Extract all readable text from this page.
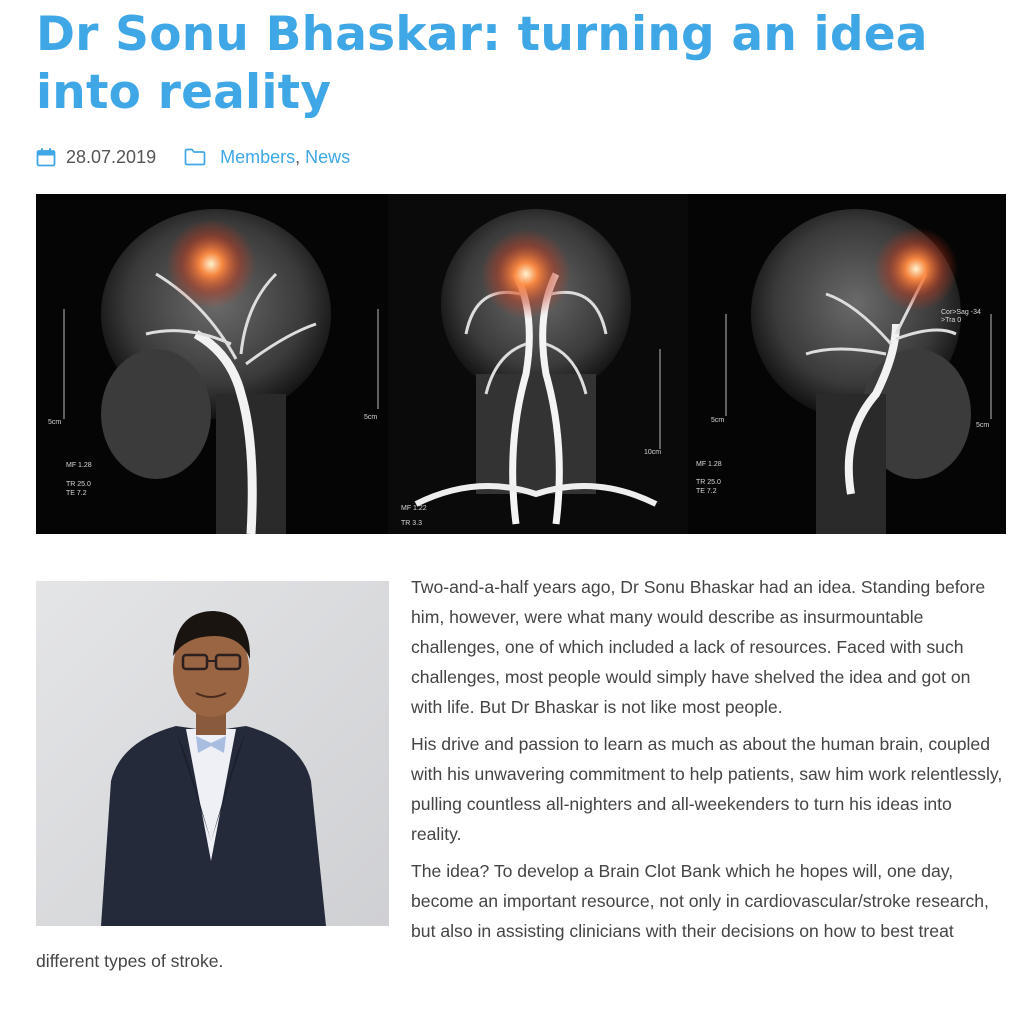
Dr Sonu Bhaskar: turning an idea into reality
28.07.2019	Members, News
5cm
5cm
MF 1.28
TR 25.0
TE 7.2
10cm
MF 1.22
TR 3.3
5cm
5cm
MF 1.28
TR 25.0
TE 7.2
Cor>Sag -34
>Tra 0

Two-and-a-half years ago, Dr Sonu Bhaskar had an idea. Standing before him, however, were what many would describe as insurmountable challenges, one of which included a lack of resources. Faced with such challenges, most people would simply have shelved the idea and got on with life. But Dr Bhaskar is not like most people.

His drive and passion to learn as much as about the human brain, coupled with his unwavering commitment to help patients, saw him work relentlessly, pulling countless all-nighters and all-weekenders to turn his ideas into reality.

The idea? To develop a Brain Clot Bank which he hopes will, one day, become an important resource, not only in cardiovascular/stroke research, but also in assisting clinicians with their decisions on how to best treat different types of stroke.
